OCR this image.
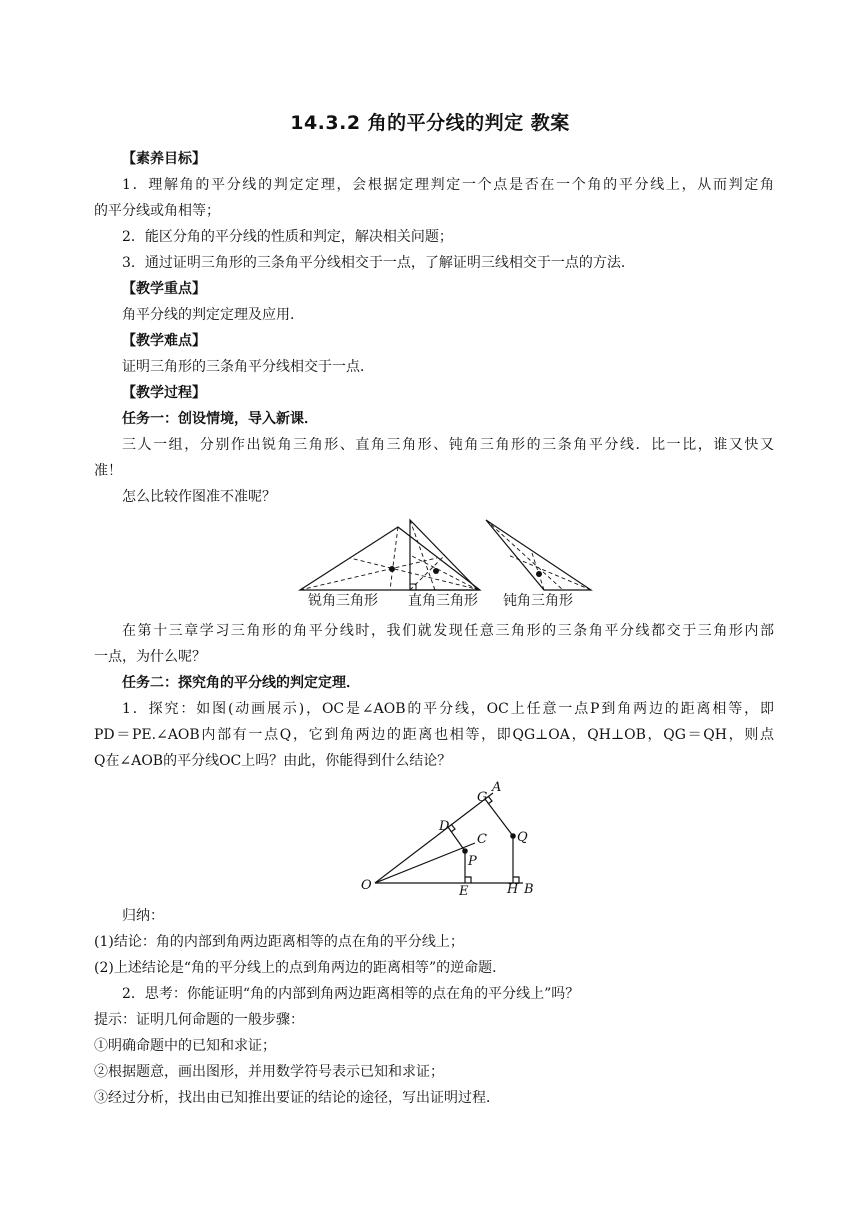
14.3.2 角的平分线的判定 教案
【素养目标】
1．理解角的平分线的判定定理，会根据定理判定一个点是否在一个角的平分线上，从而判定角
的平分线或角相等；
2．能区分角的平分线的性质和判定，解决相关问题；
3．通过证明三角形的三条角平分线相交于一点，了解证明三线相交于一点的方法．
【教学重点】
角平分线的判定定理及应用．
【教学难点】
证明三角形的三条角平分线相交于一点．
【教学过程】
任务一：创设情境，导入新课．
三人一组，分别作出锐角三角形、直角三角形、钝角三角形的三条角平分线．比一比，谁又快又
准！
怎么比较作图准不准呢？
锐角三角形	直角三角形	钝角三角形
在第十三章学习三角形的角平分线时，我们就发现任意三角形的三条角平分线都交于三角形内部
一点，为什么呢？
任务二：探究角的平分线的判定定理．
1．探究：如图(动画展示)，OC是∠AOB的平分线，OC上任意一点P到角两边的距离相等，即
PD＝PE.∠AOB内部有一点Q，它到角两边的距离也相等，即QG⊥OA，QH⊥OB，QG＝QH，则点
Q在∠AOB的平分线OC上吗？由此，你能得到什么结论？
O
A
B
C
D
E
G
H
P
Q
归纳：
(1)结论：角的内部到角两边距离相等的点在角的平分线上；
(2)上述结论是“角的平分线上的点到角两边的距离相等”的逆命题．
2．思考：你能证明“角的内部到角两边距离相等的点在角的平分线上”吗？
提示：证明几何命题的一般步骤：
①明确命题中的已知和求证；
②根据题意，画出图形，并用数学符号表示已知和求证；
③经过分析，找出由已知推出要证的结论的途径，写出证明过程．
